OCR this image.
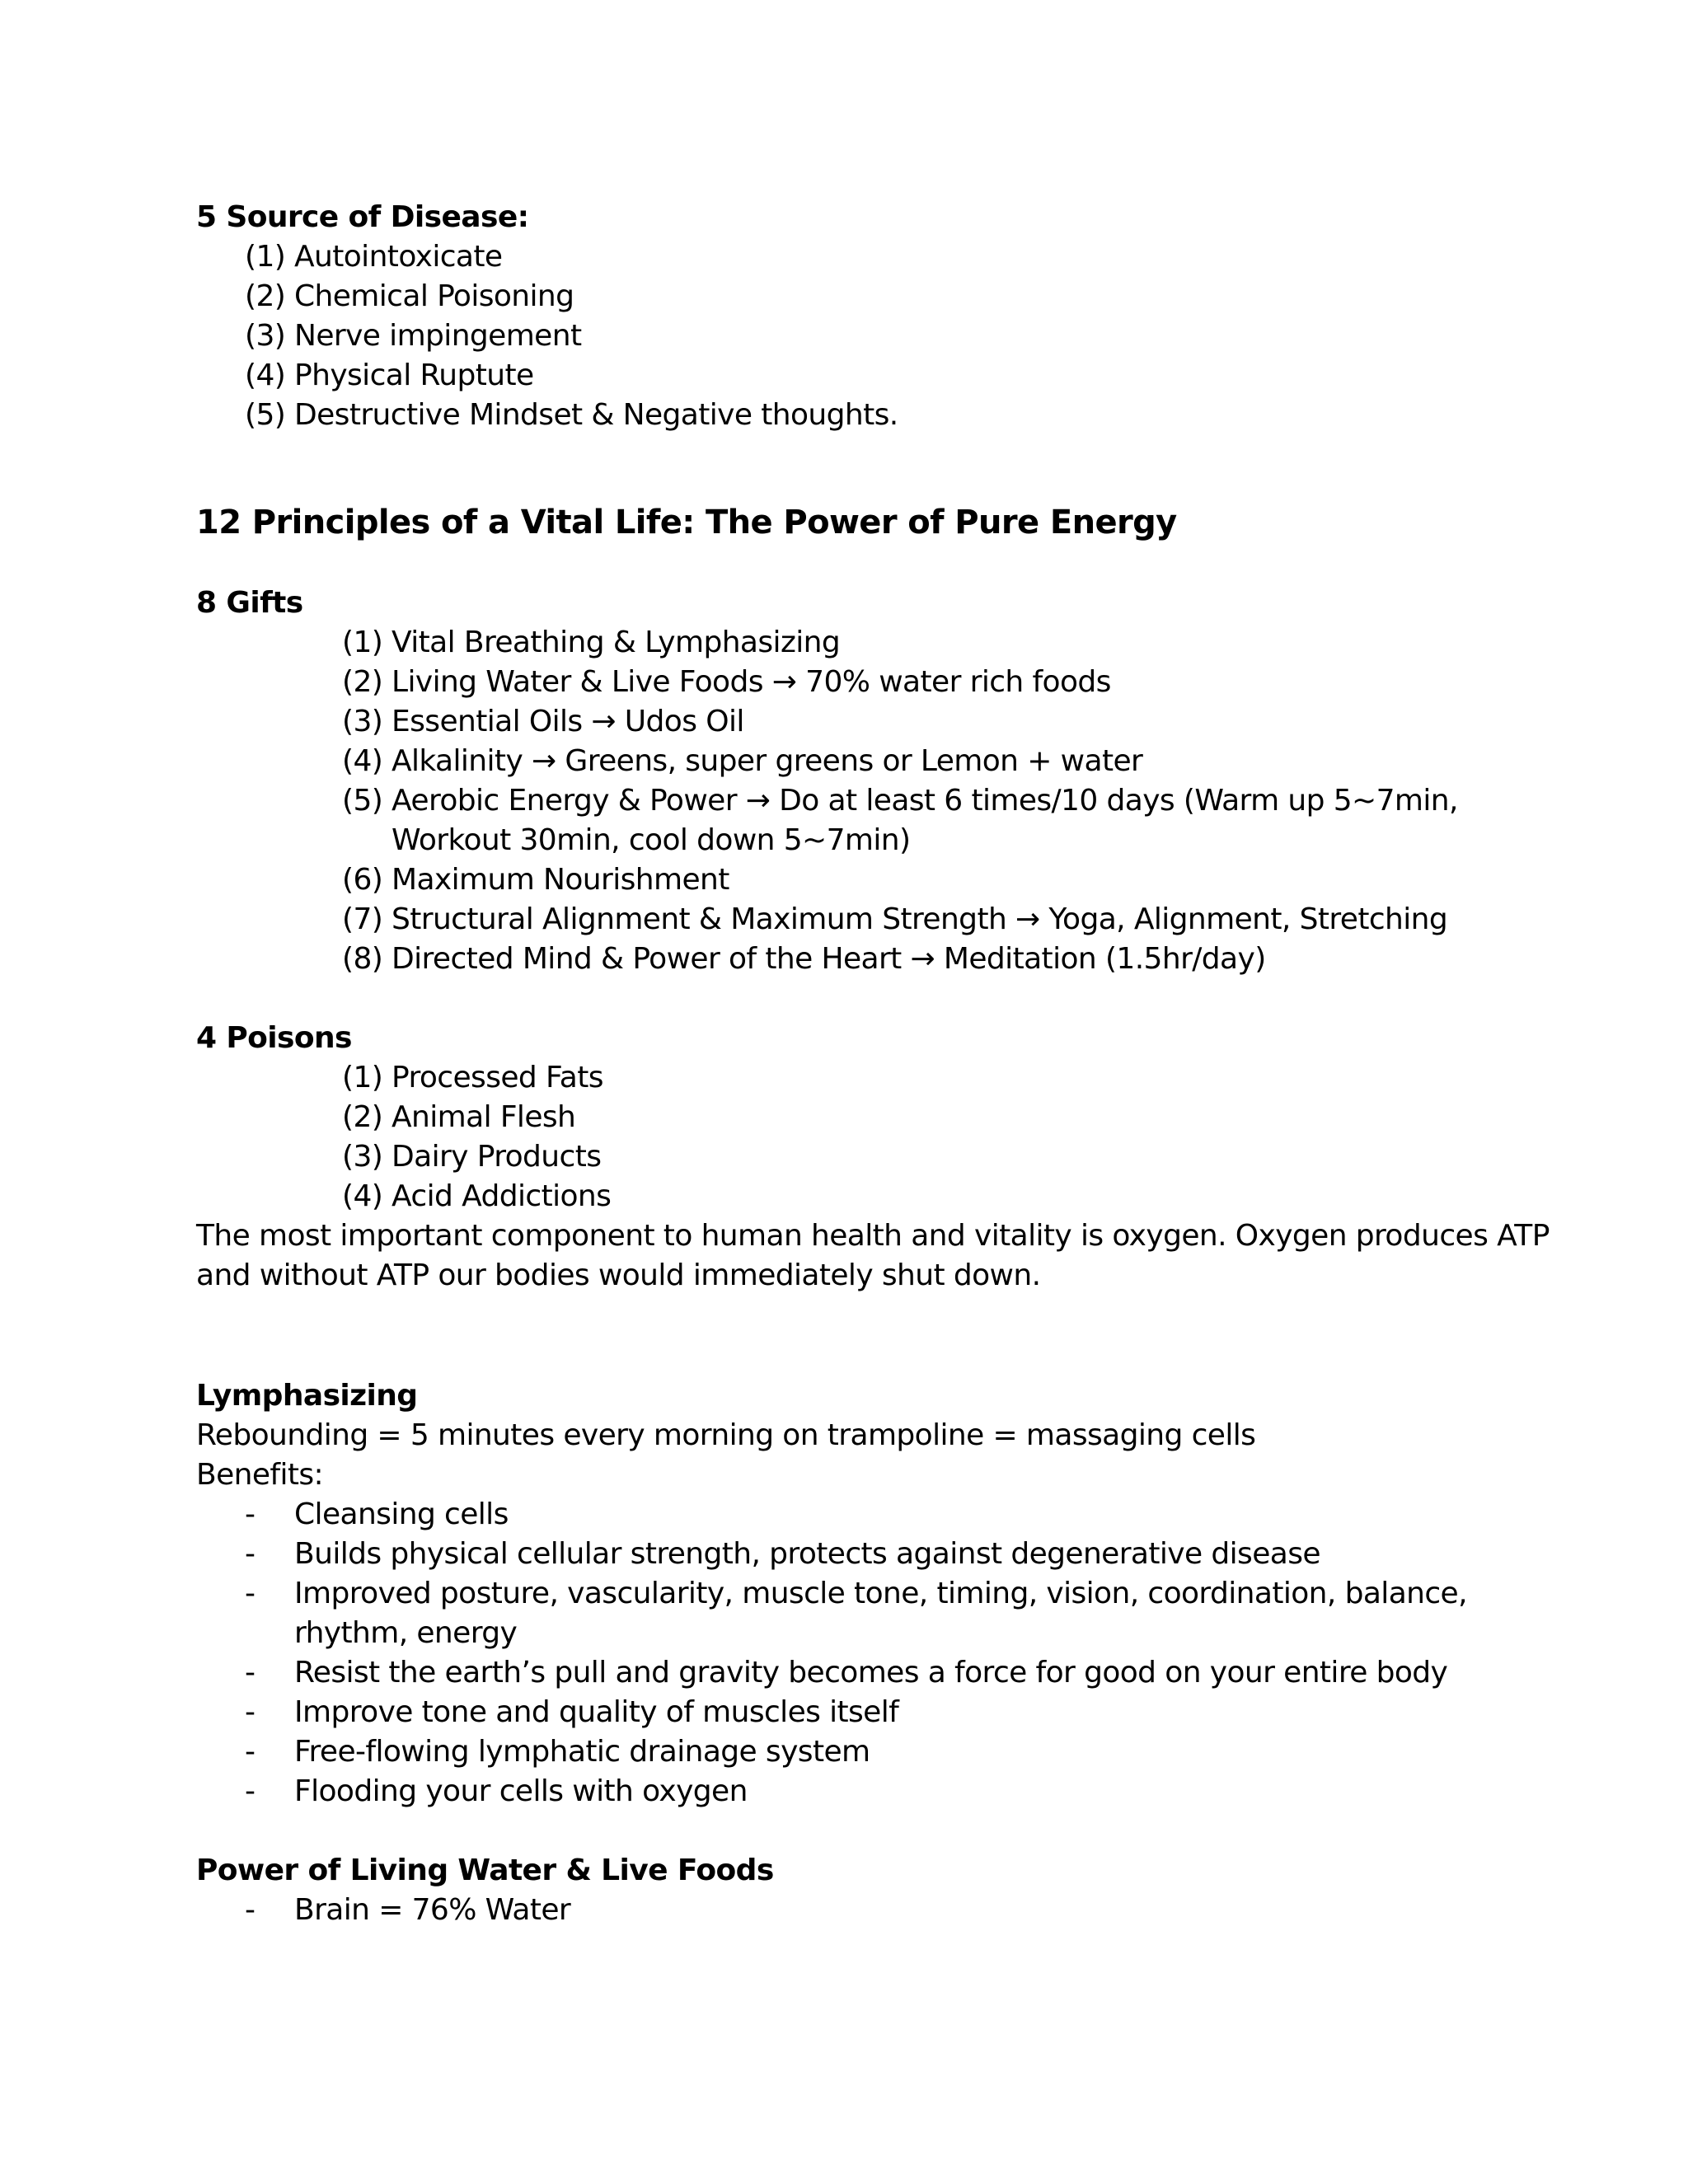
5 Source of Disease:
(1) Autointoxicate
(2) Chemical Poisoning
(3) Nerve impingement
(4) Physical Ruptute
(5) Destructive Mindset & Negative thoughts.
12 Principles of a Vital Life: The Power of Pure Energy
8 Gifts
(1) Vital Breathing & Lymphasizing
(2) Living Water & Live Foods → 70% water rich foods
(3) Essential Oils → Udos Oil
(4) Alkalinity → Greens, super greens or Lemon + water
(5) Aerobic Energy & Power → Do at least 6 times/10 days (Warm up 5~7min,
Workout 30min, cool down 5~7min)
(6) Maximum Nourishment
(7) Structural Alignment & Maximum Strength → Yoga, Alignment, Stretching
(8) Directed Mind & Power of the Heart → Meditation (1.5hr/day)
4 Poisons
(1) Processed Fats
(2) Animal Flesh
(3) Dairy Products
(4) Acid Addictions
The most important component to human health and vitality is oxygen. Oxygen produces ATP
and without ATP our bodies would immediately shut down.
Lymphasizing
Rebounding = 5 minutes every morning on trampoline = massaging cells
Benefits:
- Cleansing cells
- Builds physical cellular strength, protects against degenerative disease
- Improved posture, vascularity, muscle tone, timing, vision, coordination, balance,
rhythm, energy
- Resist the earth’s pull and gravity becomes a force for good on your entire body
- Improve tone and quality of muscles itself
- Free-flowing lymphatic drainage system
- Flooding your cells with oxygen
Power of Living Water & Live Foods
- Brain = 76% Water
